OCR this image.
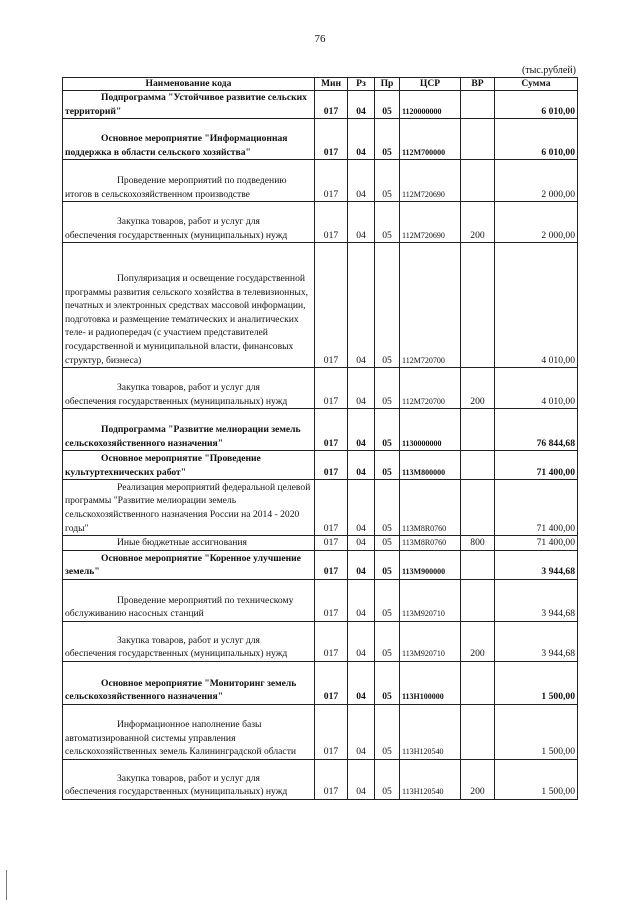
76
(тыс.рублей)
Наименование кода	Мин	Рз	Пр	ЦСР	ВР	Сумма
Подпрограмма "Устойчивое развитие сельских территорий"	017	04	05	1120000000		6 010,00
Основное мероприятие "Информационная поддержка в области сельского хозяйства"	017	04	05	112М700000		6 010,00
Проведение мероприятий по подведению итогов в сельскохозяйственном производстве	017	04	05	112М720690		2 000,00
Закупка товаров, работ и услуг для обеспечения государственных (муниципальных) нужд	017	04	05	112М720690	200	2 000,00
Популяризация и освещение государственной программы развития сельского хозяйства в телевизионных, печатных и электронных средствах массовой информации, подготовка и размещение тематических и аналитических теле- и радиопередач (с участием представителей государственной и муниципальной власти, финансовых структур, бизнеса)	017	04	05	112М720700		4 010,00
Закупка товаров, работ и услуг для обеспечения государственных (муниципальных) нужд	017	04	05	112М720700	200	4 010,00
Подпрограмма "Развитие мелиорации земель сельскохозяйственного назначения"	017	04	05	1130000000		76 844,68
Основное мероприятие "Проведение культуртехнических работ"	017	04	05	113М800000		71 400,00
Реализация мероприятий федеральной целевой программы "Развитие мелиорации земель сельскохозяйственного назначения России на 2014 - 2020 годы"	017	04	05	113М8R0760		71 400,00
Иные бюджетные ассигнования	017	04	05	113М8R0760	800	71 400,00
Основное мероприятие "Коренное улучшение земель"	017	04	05	113М900000		3 944,68
Проведение мероприятий по техническому обслуживанию насосных станций	017	04	05	113М920710		3 944,68
Закупка товаров, работ и услуг для обеспечения государственных (муниципальных) нужд	017	04	05	113М920710	200	3 944,68
Основное мероприятие "Мониторинг земель сельскохозяйственного назначения"	017	04	05	113Н100000		1 500,00
Информационное наполнение базы автоматизированной системы управления сельскохозяйственных земель Калининградской области	017	04	05	113Н120540		1 500,00
Закупка товаров, работ и услуг для обеспечения государственных (муниципальных) нужд	017	04	05	113Н120540	200	1 500,00
